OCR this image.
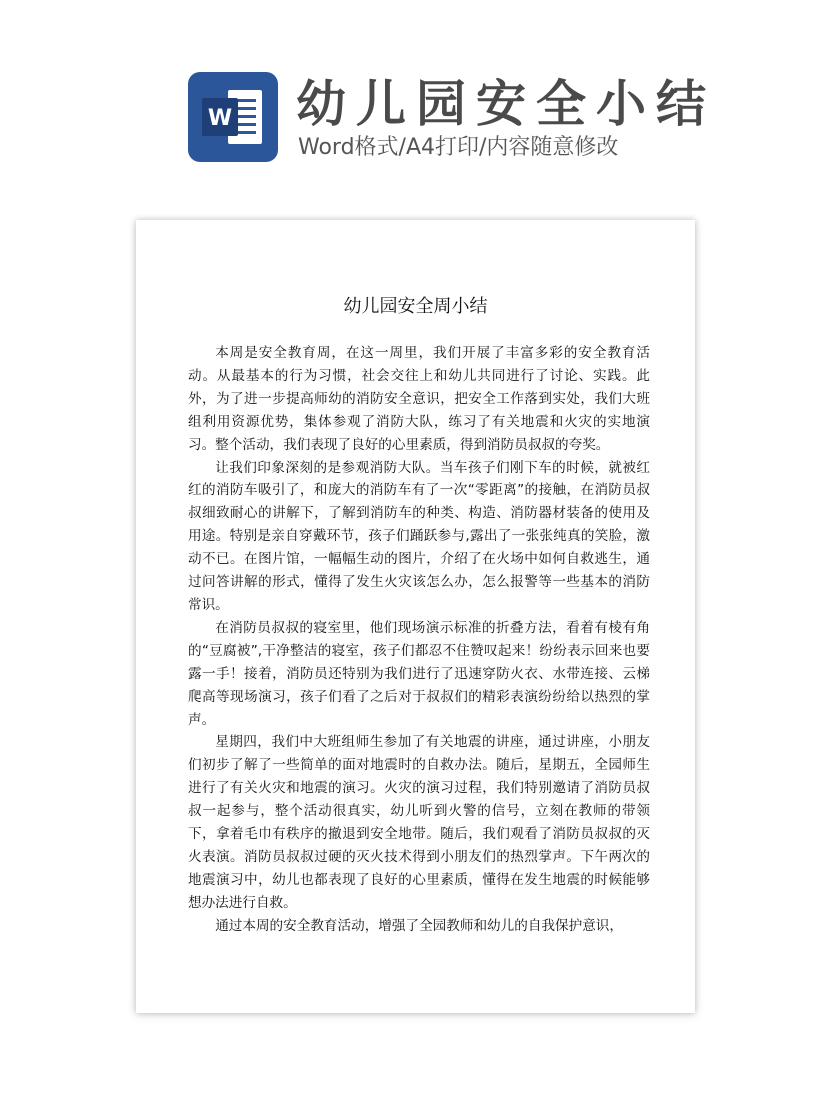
W 幼儿园安全小结
Word格式/A4打印/内容随意修改
幼儿园安全周小结

本周是安全教育周，在这一周里，我们开展了丰富多彩的安全教育活动。从最基本的行为习惯，社会交往上和幼儿共同进行了讨论、实践。此外，为了进一步提高师幼的消防安全意识，把安全工作落到实处，我们大班组利用资源优势，集体参观了消防大队，练习了有关地震和火灾的实地演习。整个活动，我们表现了良好的心里素质，得到消防员叔叔的夸奖。

让我们印象深刻的是参观消防大队。当车孩子们刚下车的时候，就被红红的消防车吸引了，和庞大的消防车有了一次“零距离”的接触，在消防员叔叔细致耐心的讲解下，了解到消防车的种类、构造、消防器材装备的使用及用途。特别是亲自穿戴环节，孩子们踊跃参与,露出了一张张纯真的笑脸，激动不已。在图片馆，一幅幅生动的图片，介绍了在火场中如何自救逃生，通过问答讲解的形式，懂得了发生火灾该怎么办，怎么报警等一些基本的消防常识。

在消防员叔叔的寝室里，他们现场演示标准的折叠方法，看着有棱有角的“豆腐被”,干净整洁的寝室，孩子们都忍不住赞叹起来！纷纷表示回来也要露一手！接着，消防员还特别为我们进行了迅速穿防火衣、水带连接、云梯爬高等现场演习，孩子们看了之后对于叔叔们的精彩表演纷纷给以热烈的掌声。

星期四，我们中大班组师生参加了有关地震的讲座，通过讲座，小朋友们初步了解了一些简单的面对地震时的自救办法。随后，星期五，全园师生进行了有关火灾和地震的演习。火灾的演习过程，我们特别邀请了消防员叔叔一起参与，整个活动很真实，幼儿听到火警的信号，立刻在教师的带领下，拿着毛巾有秩序的撤退到安全地带。随后，我们观看了消防员叔叔的灭火表演。消防员叔叔过硬的灭火技术得到小朋友们的热烈掌声。下午两次的地震演习中，幼儿也都表现了良好的心里素质，懂得在发生地震的时候能够想办法进行自救。

通过本周的安全教育活动，增强了全园教师和幼儿的自我保护意识，
